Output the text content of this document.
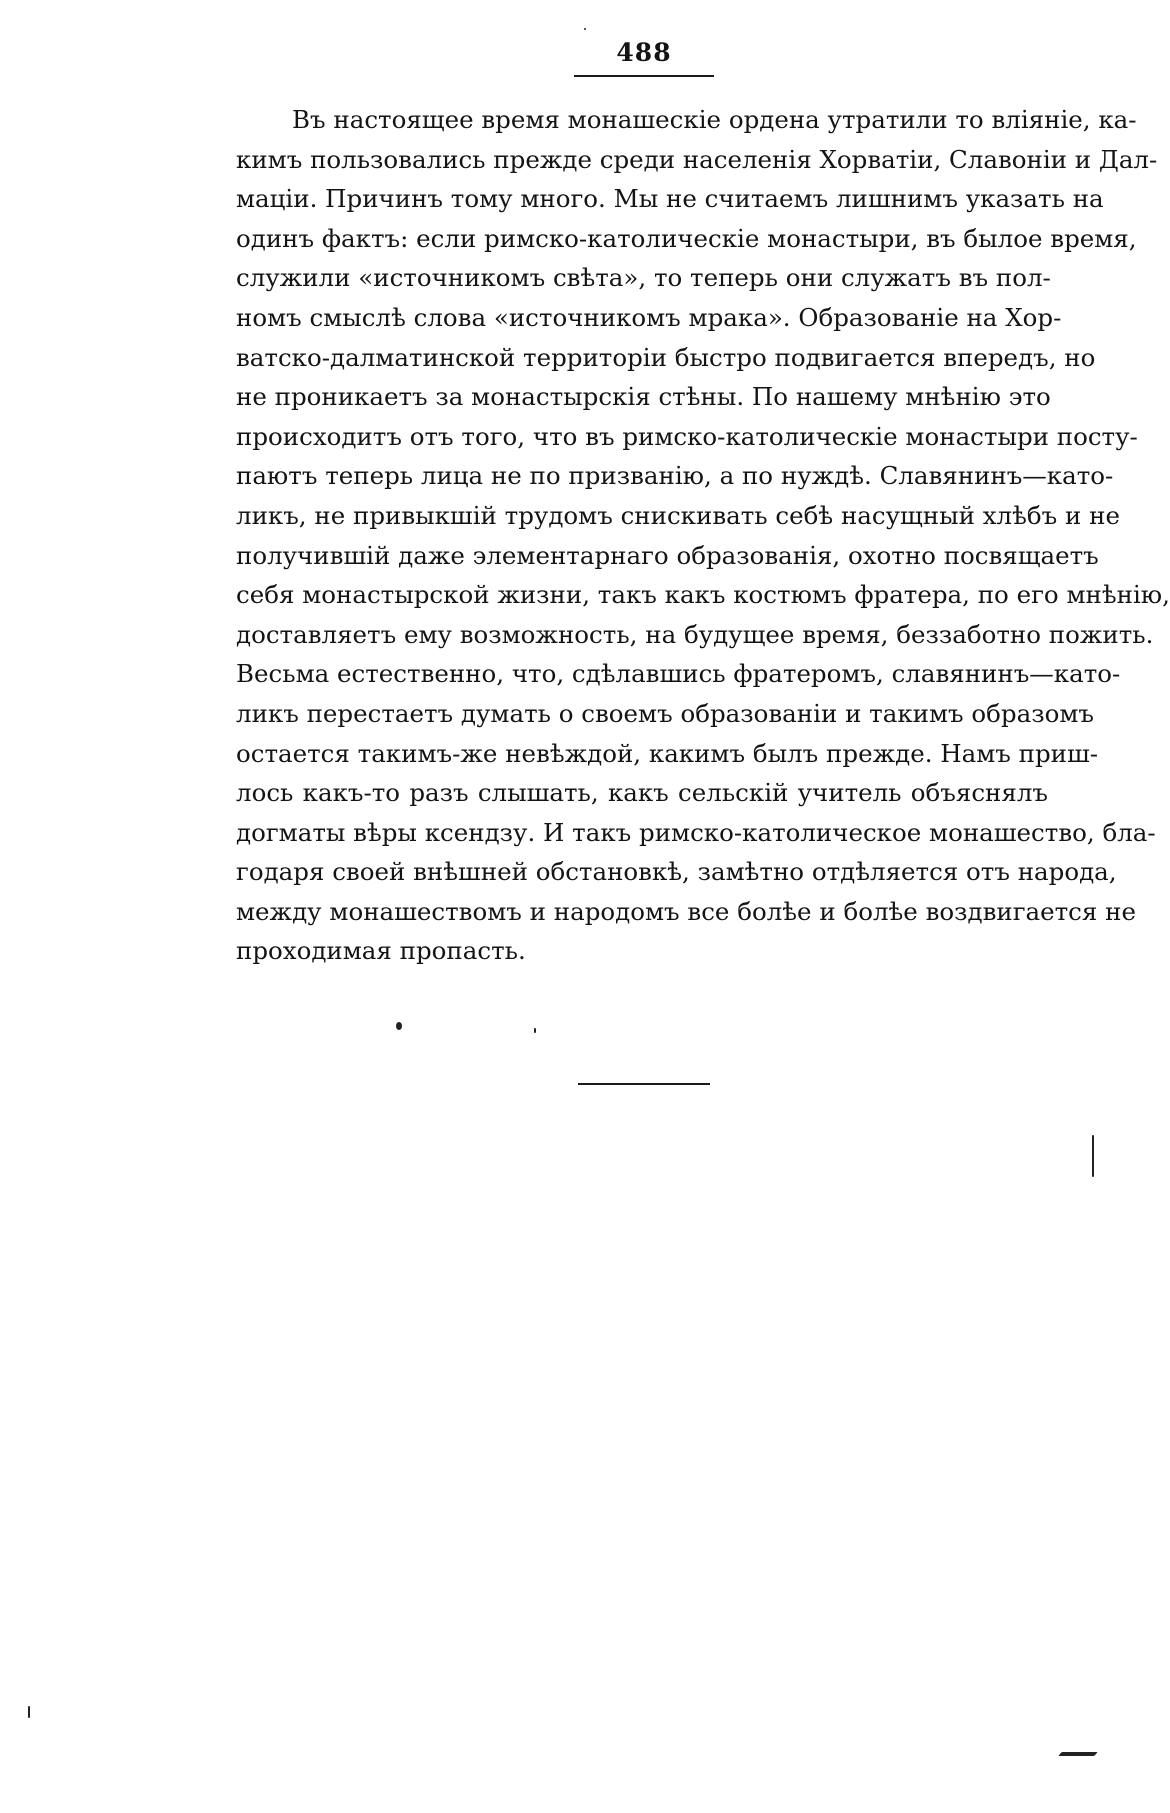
488
Въ настоящее время монашескіе ордена утратили то вліяніе, ка-
кимъ пользовались прежде среди населенія Хорватіи, Славоніи и Дал-
маціи. Причинъ тому много. Мы не считаемъ лишнимъ указать на
одинъ фактъ: если римско-католическіе монастыри, въ былое время,
служили «источникомъ свѣта», то теперь они служатъ въ пол-
номъ смыслѣ слова «источникомъ мрака». Образованіе на Хор-
ватско-далматинской территоріи быстро подвигается впередъ, но
не проникаетъ за монастырскія стѣны. По нашему мнѣнію это
происходитъ отъ того, что въ римско-католическіе монастыри посту-
паютъ теперь лица не по призванію, а по нуждѣ. Славянинъ—като-
ликъ, не привыкшій трудомъ снискивать себѣ насущный хлѣбъ и не
получившій даже элементарнаго образованія, охотно посвящаетъ
себя монастырской жизни, такъ какъ костюмъ фратера, по его мнѣнію,
доставляетъ ему возможность, на будущее время, беззаботно пожить.
Весьма естественно, что, сдѣлавшись фратеромъ, славянинъ—като-
ликъ перестаетъ думать о своемъ образованіи и такимъ образомъ
остается такимъ-же невѣждой, какимъ былъ прежде. Намъ приш-
лось какъ-то разъ слышать, какъ сельскій учитель объяснялъ
догматы вѣры ксендзу. И такъ римско-католическое монашество, бла-
годаря своей внѣшней обстановкѣ, замѣтно отдѣляется отъ народа,
между монашествомъ и народомъ все болѣе и болѣе воздвигается не
проходимая пропасть.
